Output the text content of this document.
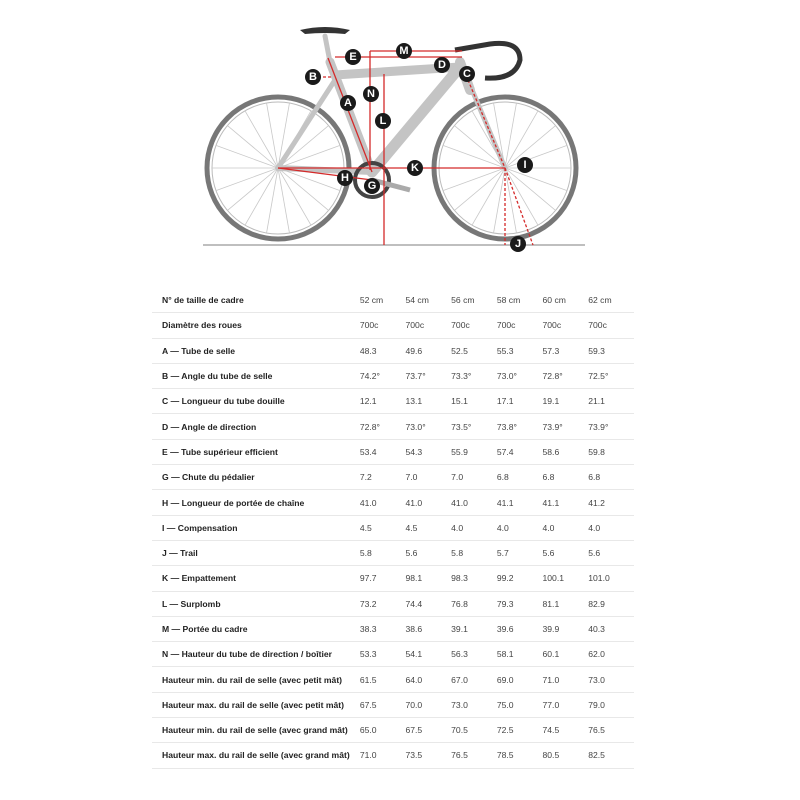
E	M
D
C
B
N
A
L
K	I
H
G
J
N° de taille de cadre	52 cm	54 cm	56 cm	58 cm	60 cm	62 cm
Diamètre des roues	700c	700c	700c	700c	700c	700c
A — Tube de selle	48.3	49.6	52.5	55.3	57.3	59.3
B — Angle du tube de selle	74.2°	73.7°	73.3°	73.0°	72.8°	72.5°
C — Longueur du tube douille	12.1	13.1	15.1	17.1	19.1	21.1
D — Angle de direction	72.8°	73.0°	73.5°	73.8°	73.9°	73.9°
E — Tube supérieur efficient	53.4	54.3	55.9	57.4	58.6	59.8
G — Chute du pédalier	7.2	7.0	7.0	6.8	6.8	6.8
H — Longueur de portée de chaîne	41.0	41.0	41.0	41.1	41.1	41.2
I — Compensation	4.5	4.5	4.0	4.0	4.0	4.0
J — Trail	5.8	5.6	5.8	5.7	5.6	5.6
K — Empattement	97.7	98.1	98.3	99.2	100.1	101.0
L — Surplomb	73.2	74.4	76.8	79.3	81.1	82.9
M — Portée du cadre	38.3	38.6	39.1	39.6	39.9	40.3
N — Hauteur du tube de direction / boîtier	53.3	54.1	56.3	58.1	60.1	62.0
Hauteur min. du rail de selle (avec petit mât)	61.5	64.0	67.0	69.0	71.0	73.0
Hauteur max. du rail de selle (avec petit mât)	67.5	70.0	73.0	75.0	77.0	79.0
Hauteur min. du rail de selle (avec grand mât)	65.0	67.5	70.5	72.5	74.5	76.5
Hauteur max. du rail de selle (avec grand mât)	71.0	73.5	76.5	78.5	80.5	82.5
